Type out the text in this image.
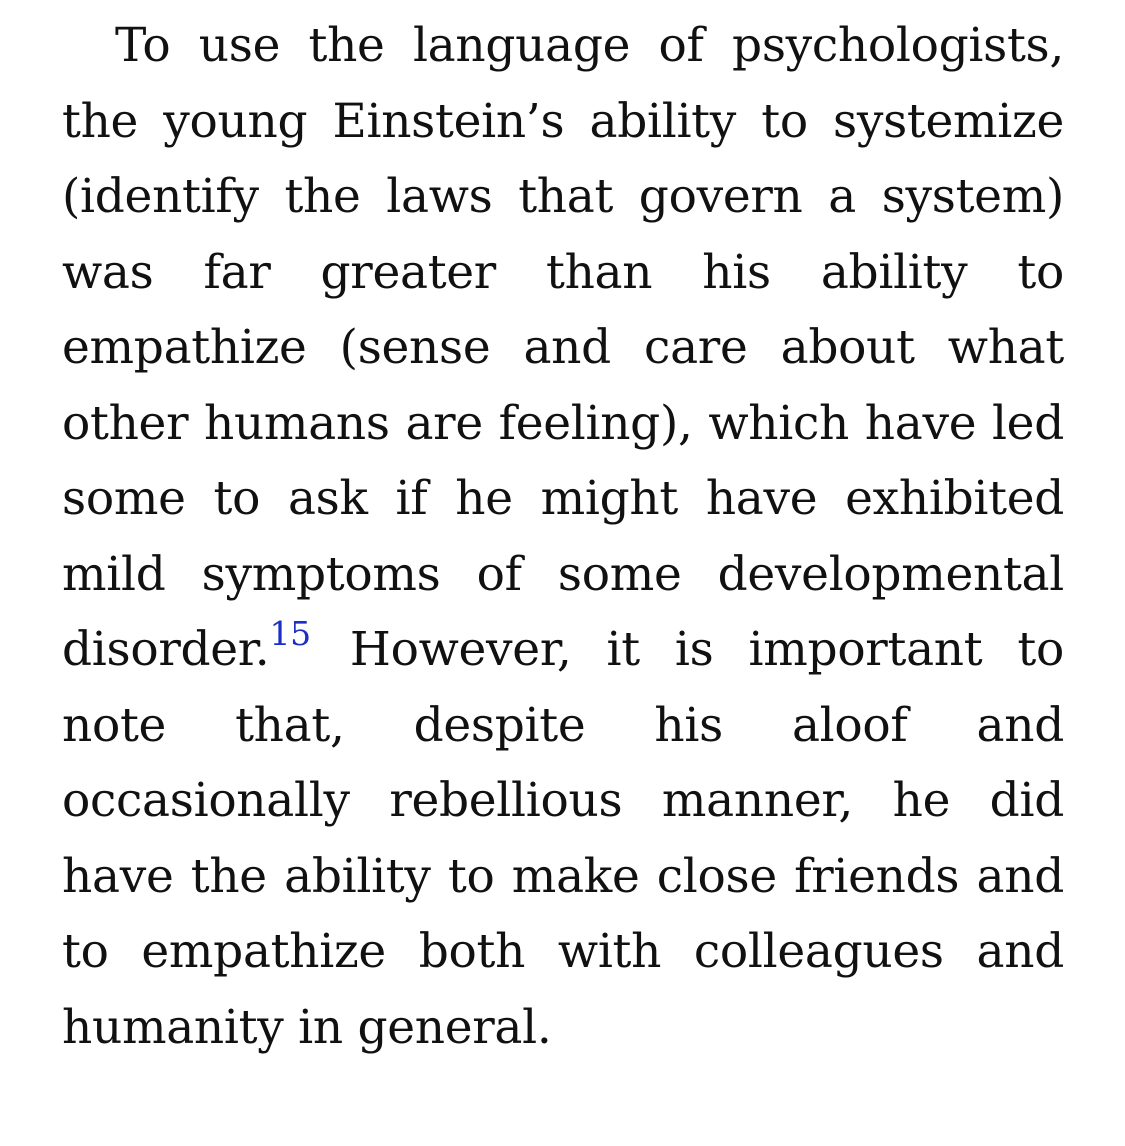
To use the language of psychologists, the young Einstein’s ability to systemize (identify the laws that govern a system) was far greater than his ability to empathize (sense and care about what other humans are feeling), which have led some to ask if he might have exhibited mild symptoms of some developmental disorder.$^{15}$ However, it is important to note that, despite his aloof and occasionally rebellious manner, he did have the ability to make close friends and to empathize both with colleagues and humanity in general.
